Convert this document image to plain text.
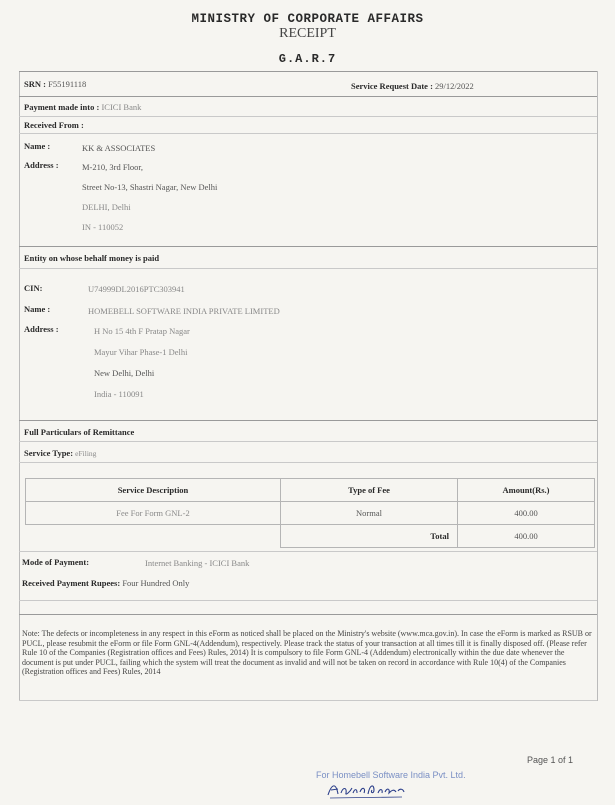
MINISTRY OF CORPORATE AFFAIRS
RECEIPT
G.A.R.7
SRN : F55191118	Service Request Date : 29/12/2022
Payment made into : ICICI Bank
Received From :
Name :	KK & ASSOCIATES
Address :	M-210, 3rd Floor,
Street No-13, Shastri Nagar, New Delhi
DELHI, Delhi
IN - 110052
Entity on whose behalf money is paid
CIN:	U74999DL2016PTC303941
Name :	HOMEBELL SOFTWARE INDIA PRIVATE LIMITED
Address :	H No 15 4th F Pratap Nagar
Mayur Vihar Phase-1 Delhi
New Delhi, Delhi
India - 110091
Full Particulars of Remittance
Service Type: eFiling
Service Description	Type of Fee	Amount(Rs.)
Fee For Form GNL-2	Normal	400.00
	Total	400.00
Mode of Payment:	Internet Banking - ICICI Bank
Received Payment Rupees: Four Hundred Only
Note: The defects or incompleteness in any respect in this eForm as noticed shall be placed on the Ministry's website (www.mca.gov.in). In case the eForm is marked as RSUB or PUCL, please resubmit the eForm or file Form GNL-4(Addendum), respectively. Please track the status of your transaction at all times till it is finally disposed off. (Please refer Rule 10 of the Companies (Registration offices and Fees) Rules, 2014) It is compulsory to file Form GNL-4 (Addendum) electronically within the due date whenever the document is put under PUCL, failing which the system will treat the document as invalid and will not be taken on record in accordance with Rule 10(4) of the Companies (Registration offices and Fees) Rules, 2014
Page 1 of 1
For Homebell Software India Pvt. Ltd.
